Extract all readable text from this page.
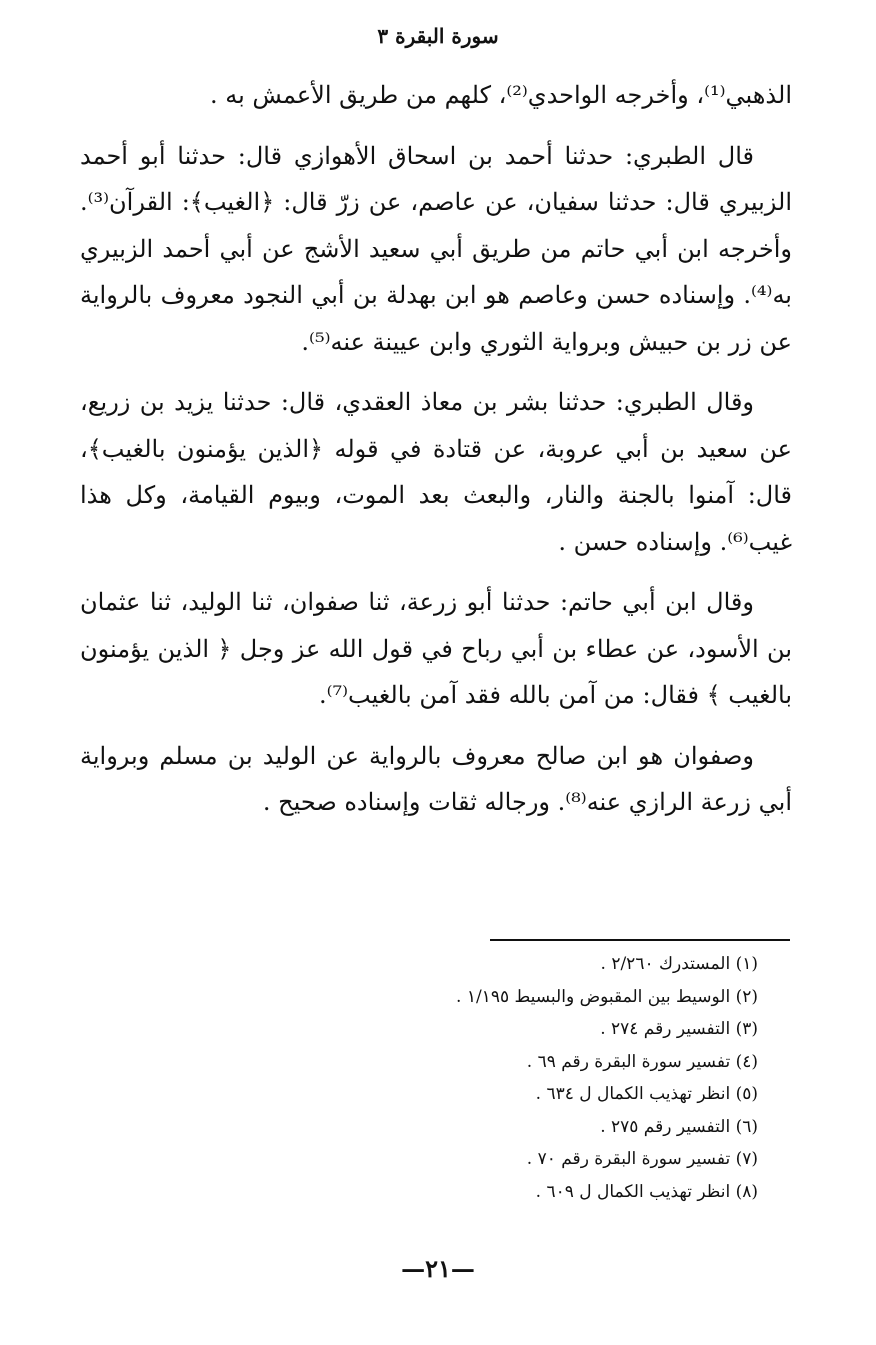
سورة البقرة ٣

الذهبي⁽¹⁾، وأخرجه الواحدي⁽²⁾، كلهم من طريق الأعمش به .

قال الطبري: حدثنا أحمد بن اسحاق الأهوازي قال: حدثنا أبو أحمد الزبيري قال: حدثنا سفيان، عن عاصم، عن زرّ قال: ﴿الغيب﴾: القرآن⁽³⁾. وأخرجه ابن أبي حاتم من طريق أبي سعيد الأشج عن أبي أحمد الزبيري به⁽⁴⁾. وإسناده حسن وعاصم هو ابن بهدلة بن أبي النجود معروف بالرواية عن زر بن حبيش وبرواية الثوري وابن عيينة عنه⁽⁵⁾.

وقال الطبري: حدثنا بشر بن معاذ العقدي، قال: حدثنا يزيد بن زريع، عن سعيد بن أبي عروبة، عن قتادة في قوله ﴿الذين يؤمنون بالغيب﴾، قال: آمنوا بالجنة والنار، والبعث بعد الموت، وبيوم القيامة، وكل هذا غيب⁽⁶⁾. وإسناده حسن .

وقال ابن أبي حاتم: حدثنا أبو زرعة، ثنا صفوان، ثنا الوليد، ثنا عثمان بن الأسود، عن عطاء بن أبي رباح في قول الله عز وجل ﴿ الذين يؤمنون بالغيب ﴾ فقال: من آمن بالله فقد آمن بالغيب⁽⁷⁾.

وصفوان هو ابن صالح معروف بالرواية عن الوليد بن مسلم وبرواية أبي زرعة الرازي عنه⁽⁸⁾. ورجاله ثقات وإسناده صحيح .

(١) المستدرك ٢/٢٦٠ .
(٢) الوسيط بين المقبوض والبسيط ١/١٩٥ .
(٣) التفسير رقم ٢٧٤ .
(٤) تفسير سورة البقرة رقم ٦٩ .
(٥) انظر تهذيب الكمال ل ٦٣٤ .
(٦) التفسير رقم ٢٧٥ .
(٧) تفسير سورة البقرة رقم ٧٠ .
(٨) انظر تهذيب الكمال ل ٦٠٩ .
—٢١—
